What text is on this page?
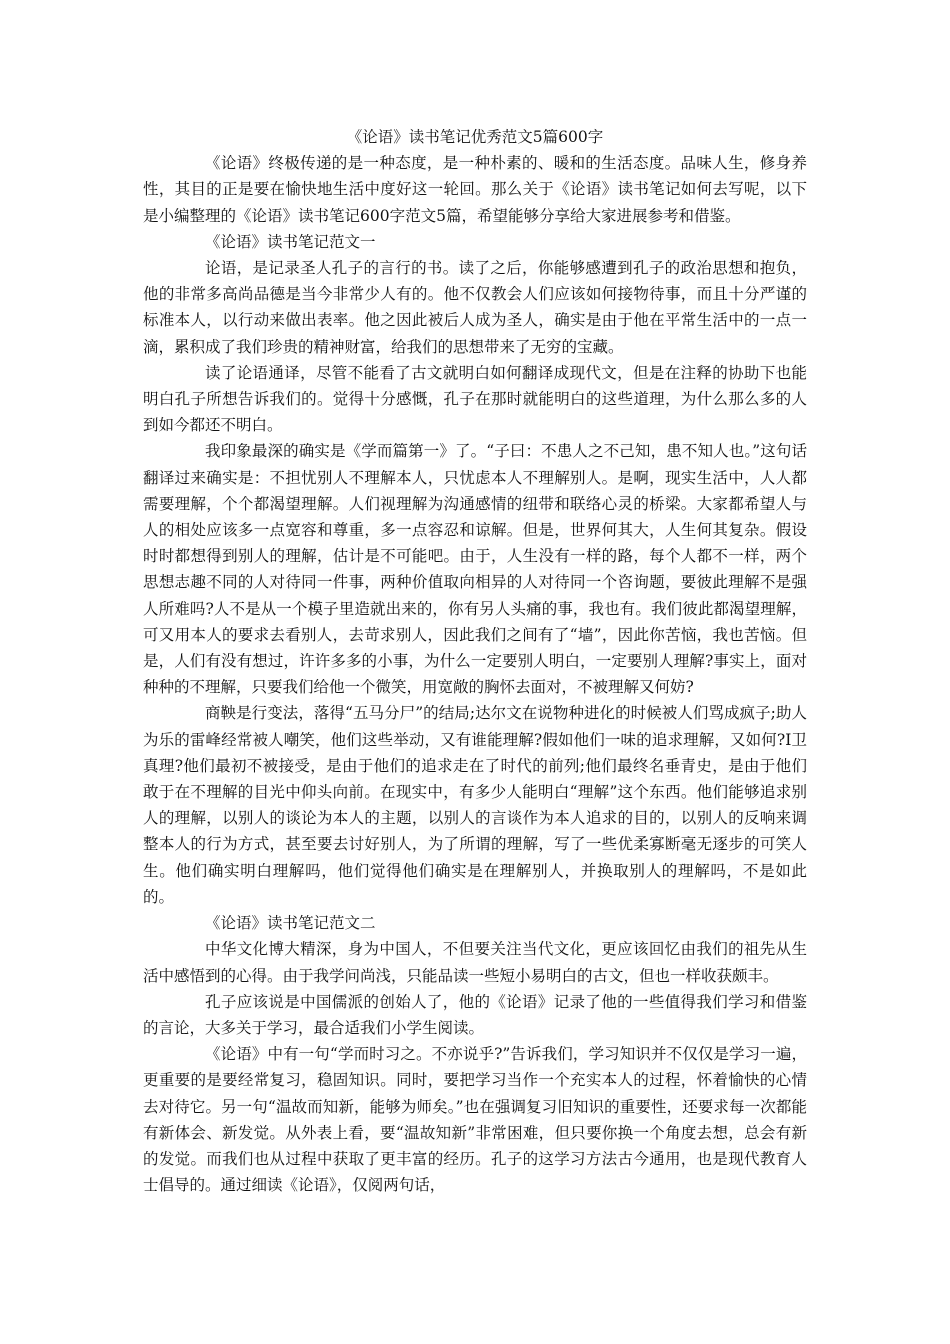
《论语》读书笔记优秀范文5篇600字

《论语》终极传递的是一种态度，是一种朴素的、暖和的生活态度。品味人生，修身养性，其目的正是要在愉快地生活中度好这一轮回。那么关于《论语》读书笔记如何去写呢，以下是小编整理的《论语》读书笔记600字范文5篇，希望能够分享给大家进展参考和借鉴。

《论语》读书笔记范文一

论语，是记录圣人孔子的言行的书。读了之后，你能够感遭到孔子的政治思想和抱负，他的非常多高尚品德是当今非常少人有的。他不仅教会人们应该如何接物待事，而且十分严谨的标准本人，以行动来做出表率。他之因此被后人成为圣人，确实是由于他在平常生活中的一点一滴，累积成了我们珍贵的精神财富，给我们的思想带来了无穷的宝藏。

读了论语通译，尽管不能看了古文就明白如何翻译成现代文，但是在注释的协助下也能明白孔子所想告诉我们的。觉得十分感慨，孔子在那时就能明白的这些道理，为什么那么多的人到如今都还不明白。

我印象最深的确实是《学而篇第一》了。“子曰：不患人之不己知，患不知人也。”这句话翻译过来确实是：不担忧别人不理解本人，只忧虑本人不理解别人。是啊，现实生活中，人人都需要理解，个个都渴望理解。人们视理解为沟通感情的纽带和联络心灵的桥梁。大家都希望人与人的相处应该多一点宽容和尊重，多一点容忍和谅解。但是，世界何其大，人生何其复杂。假设时时都想得到别人的理解，估计是不可能吧。由于，人生没有一样的路，每个人都不一样，两个思想志趣不同的人对待同一件事，两种价值取向相异的人对待同一个咨询题，要彼此理解不是强人所难吗?人不是从一个模子里造就出来的，你有另人头痛的事，我也有。我们彼此都渴望理解，可又用本人的要求去看别人，去苛求别人，因此我们之间有了“墙”，因此你苦恼，我也苦恼。但是，人们有没有想过，许许多多的小事，为什么一定要别人明白，一定要别人理解?事实上，面对种种的不理解，只要我们给他一个微笑，用宽敞的胸怀去面对，不被理解又何妨?

商鞅是行变法，落得“五马分尸”的结局;达尔文在说物种进化的时候被人们骂成疯子;助人为乐的雷峰经常被人嘲笑，他们这些举动，又有谁能理解?假如他们一味的追求理解，又如何?I卫真理?他们最初不被接受，是由于他们的追求走在了时代的前列;他们最终名垂青史，是由于他们敢于在不理解的目光中仰头向前。在现实中，有多少人能明白“理解”这个东西。他们能够追求别人的理解，以别人的谈论为本人的主题，以别人的言谈作为本人追求的目的，以别人的反响来调整本人的行为方式，甚至要去讨好别人，为了所谓的理解，写了一些优柔寡断毫无逐步的可笑人生。他们确实明白理解吗，他们觉得他们确实是在理解别人，并换取别人的理解吗，不是如此的。

《论语》读书笔记范文二

中华文化博大精深，身为中国人，不但要关注当代文化，更应该回忆由我们的祖先从生活中感悟到的心得。由于我学问尚浅，只能品读一些短小易明白的古文，但也一样收获颇丰。

孔子应该说是中国儒派的创始人了，他的《论语》记录了他的一些值得我们学习和借鉴的言论，大多关于学习，最合适我们小学生阅读。

《论语》中有一句“学而时习之。不亦说乎?”告诉我们，学习知识并不仅仅是学习一遍，更重要的是要经常复习，稳固知识。同时，要把学习当作一个充实本人的过程，怀着愉快的心情去对待它。另一句“温故而知新，能够为师矣。”也在强调复习旧知识的重要性，还要求每一次都能有新体会、新发觉。从外表上看，要“温故知新”非常困难，但只要你换一个角度去想，总会有新的发觉。而我们也从过程中获取了更丰富的经历。孔子的这学习方法古今通用，也是现代教育人士倡导的。通过细读《论语》，仅阅两句话，
